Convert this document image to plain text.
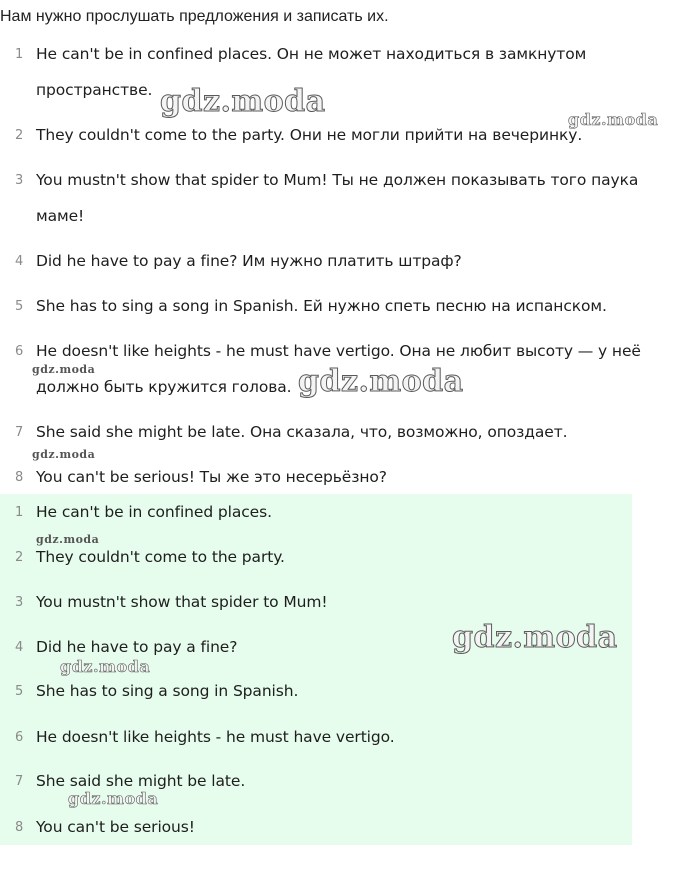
Нам нужно прослушать предложения и записать их.
1 He can't be in confined places. Он не может находиться в замкнутом
пространстве.
2 They couldn't come to the party. Они не могли прийти на вечеринку.
3 You mustn't show that spider to Mum! Ты не должен показывать того паука
маме!
4 Did he have to pay a fine? Им нужно платить штраф?
5 She has to sing a song in Spanish. Ей нужно спеть песню на испанском.
6 He doesn't like heights - he must have vertigo. Она не любит высоту — у неё
должно быть кружится голова.
7 She said she might be late. Она сказала, что, возможно, опоздает.
8 You can't be serious! Ты же это несерьёзно?
1 He can't be in confined places.
2 They couldn't come to the party.
3 You mustn't show that spider to Mum!
4 Did he have to pay a fine?
5 She has to sing a song in Spanish.
6 He doesn't like heights - he must have vertigo.
7 She said she might be late.
8 You can't be serious!
gdz.moda
gdz.moda
gdz.moda	gdz.moda
gdz.moda
gdz.moda
gdz.moda
gdz.moda
gdz.moda
